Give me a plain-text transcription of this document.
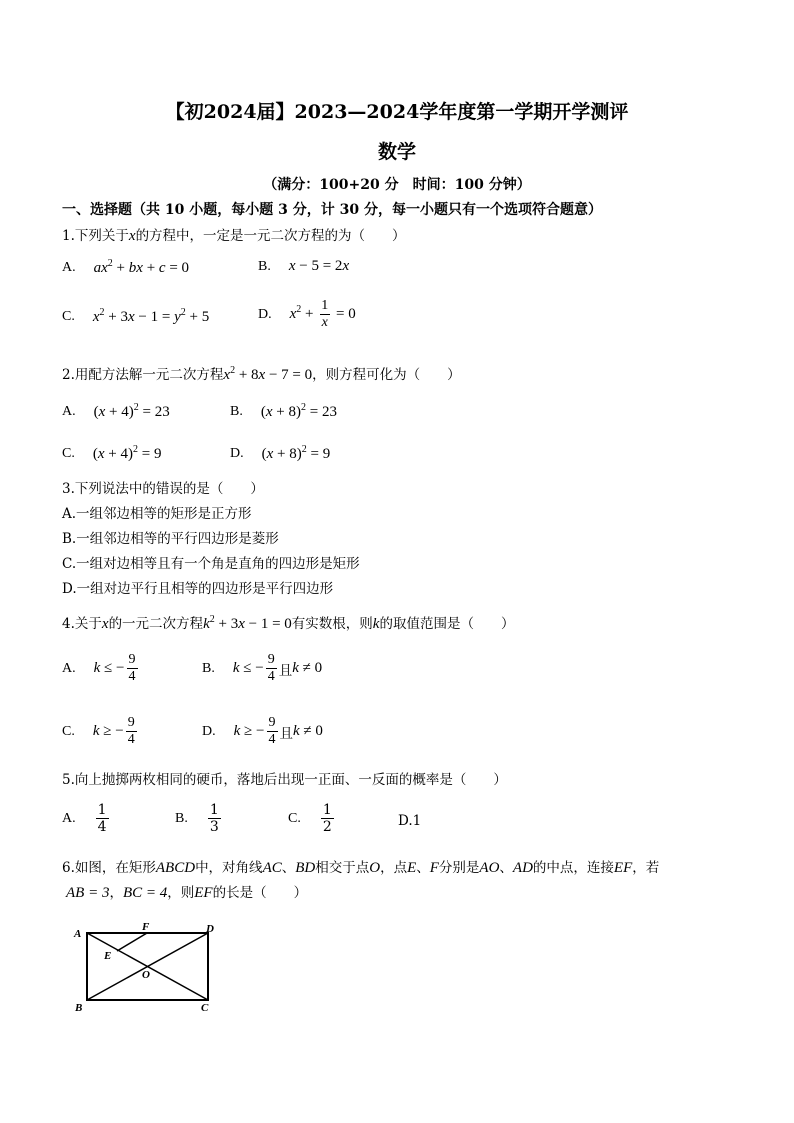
【初2024届】2023—2024学年度第一学期开学测评
数学
（满分：100+20 分　时间：100 分钟）
一、选择题（共 10 小题，每小题 3 分，计 30 分，每一小题只有一个选项符合题意）
1.下列关于x的方程中，一定是一元二次方程的为（　　）
A. $ax^2$ + bx + c = 0	B. x − 5 = 2x
C. $x^2 + 3x - 1 = y^2 + 5$	D. $x^2 + \frac{1}{x} = 0$
2.用配方法解一元二次方程$x^2 + 8x - 7 = 0$，则方程可化为（　　）
A. $(x + 4)^2 = 23$	B. $(x + 8)^2 = 23$
C. $(x + 4)^2 = 9$	D. $(x + 8)^2 = 9$
3.下列说法中的错误的是（　　）
A.一组邻边相等的矩形是正方形
B.一组邻边相等的平行四边形是菱形
C.一组对边相等且有一个角是直角的四边形是矩形
D.一组对边平行且相等的四边形是平行四边形
4.关于x的一元二次方程$k^2 + 3x - 1 = 0$有实数根，则k的取值范围是（　　）
A. k ≤ − $\frac{9}{4}$	B. k ≤ − $\frac{9}{4}$ 且 k ≠ 0
C. k ≥ − $\frac{9}{4}$	D. k ≥ − $\frac{9}{4}$ 且 k ≠ 0
5.向上抛掷两枚相同的硬币，落地后出现一正面、一反面的概率是（　　）
A. $\frac{1}{4}$	B. $\frac{1}{3}$	C. $\frac{1}{2}$	D.1
6.如图，在矩形ABCD中，对角线AC、BD相交于点O，点E、F分别是AO、AD的中点，连接EF，若
AB = 3，BC = 4，则EF的长是（　　）
A
B	C
D
E
F
O
